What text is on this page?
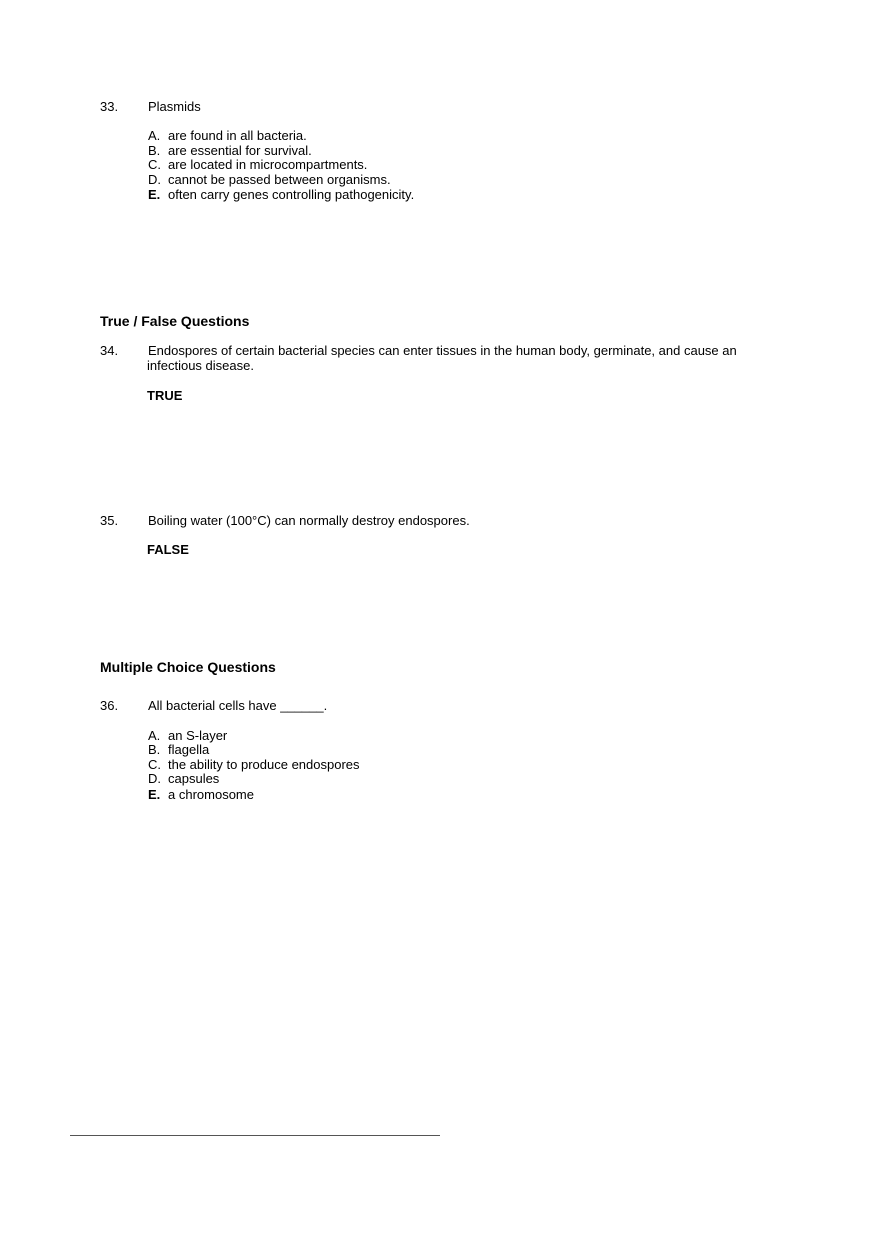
33. Plasmids
A. are found in all bacteria.
B. are essential for survival.
C. are located in microcompartments.
D. cannot be passed between organisms.
E. often carry genes controlling pathogenicity.
True / False Questions
34. Endospores of certain bacterial species can enter tissues in the human body, germinate, and cause an
infectious disease.
TRUE
35. Boiling water (100°C) can normally destroy endospores.
FALSE
Multiple Choice Questions
36. All bacterial cells have ______.
A. an S-layer
B. flagella
C. the ability to produce endospores
D. capsules
E. a chromosome
